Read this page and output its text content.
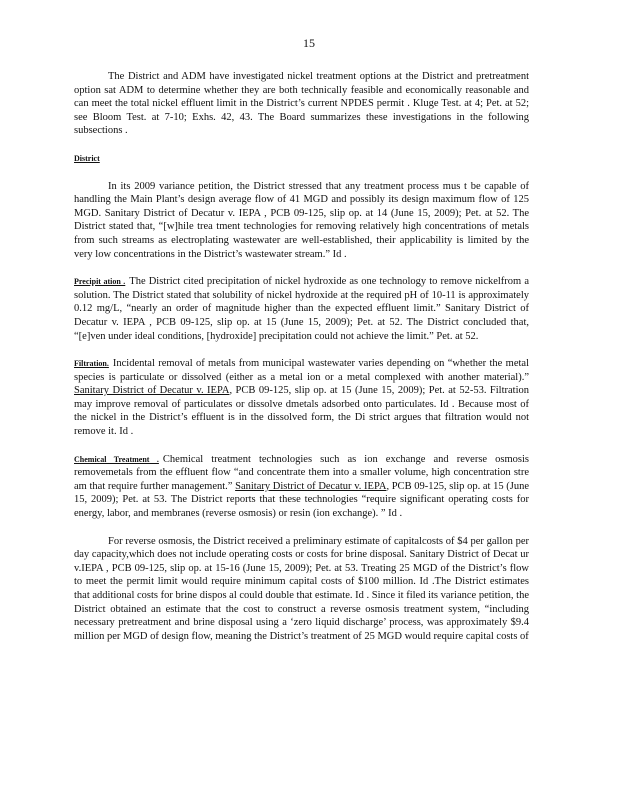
15

The District and ADM have investigated nickel treatment options at the District and pretreatment option sat ADM to determine whether they are both technically feasible and economically reasonable and can meet the total nickel effluent limit in the District’s current NPDES permit . Kluge Test. at 4; Pet. at 52; see Bloom Test. at 7-10; Exhs. 42, 43. The Board summarizes these investigations in the following subsections .

District

In its 2009 variance petition, the District stressed that any treatment process mus t be capable of handling the Main Plant’s design average flow of 41 MGD and possibly its design maximum flow of 125 MGD. Sanitary District of Decatur v. IEPA , PCB 09-125, slip op. at 14 (June 15, 2009); Pet. at 52. The District stated that, “[w]hile trea tment technologies for removing relatively high concentrations of metals from such streams as electroplating wastewater are well-established, their applicability is limited by the very low concentrations in the District’s wastewater stream.” Id .

Precipit ation . The District cited precipitation of nickel hydroxide as one technology to remove nickelfrom a solution. The District stated that solubility of nickel hydroxide at the required pH of 10-11 is approximately 0.12 mg/L, “nearly an order of magnitude higher than the expected effluent limit.” Sanitary District of Decatur v. IEPA , PCB 09-125, slip op. at 15 (June 15, 2009); Pet. at 52. The District concluded that, “[e]ven under ideal conditions, [hydroxide] precipitation could not achieve the limit.” Pet. at 52.

Filtration. Incidental removal of metals from municipal wastewater varies depending on “whether the metal species is particulate or dissolved (either as a metal ion or a metal complexed with another material).” Sanitary District of Decatur v. IEPA, PCB 09-125, slip op. at 15 (June 15, 2009); Pet. at 52-53. Filtration may improve removal of particulates or dissolve dmetals adsorbed onto particulates. Id . Because most of the nickel in the District’s effluent is in the dissolved form, the Di strict argues that filtration would not remove it. Id .

Chemical Treatment . Chemical treatment technologies such as ion exchange and reverse osmosis removemetals from the effluent flow “and concentrate them into a smaller volume, high concentration stre am that require further management.” Sanitary District of Decatur v. IEPA, PCB 09-125, slip op. at 15 (June 15, 2009); Pet. at 53. The District reports that these technologies “require significant operating costs for energy, labor, and membranes (reverse osmosis) or resin (ion exchange). ” Id .

For reverse osmosis, the District received a preliminary estimate of capitalcosts of $4 per gallon per day capacity,which does not include operating costs or costs for brine disposal. Sanitary District of Decat ur v.IEPA , PCB 09-125, slip op. at 15-16 (June 15, 2009); Pet. at 53. Treating 25 MGD of the District’s flow to meet the permit limit would require minimum capital costs of $100 million. Id .The District estimates that additional costs for brine dispos al could double that estimate. Id . Since it filed its variance petition, the District obtained an estimate that the cost to construct a reverse osmosis treatment system, “including necessary pretreatment and brine disposal using a ‘zero liquid discharge’ process, was approximately $9.4 million per MGD of design flow, meaning the District’s treatment of 25 MGD would require capital costs of
